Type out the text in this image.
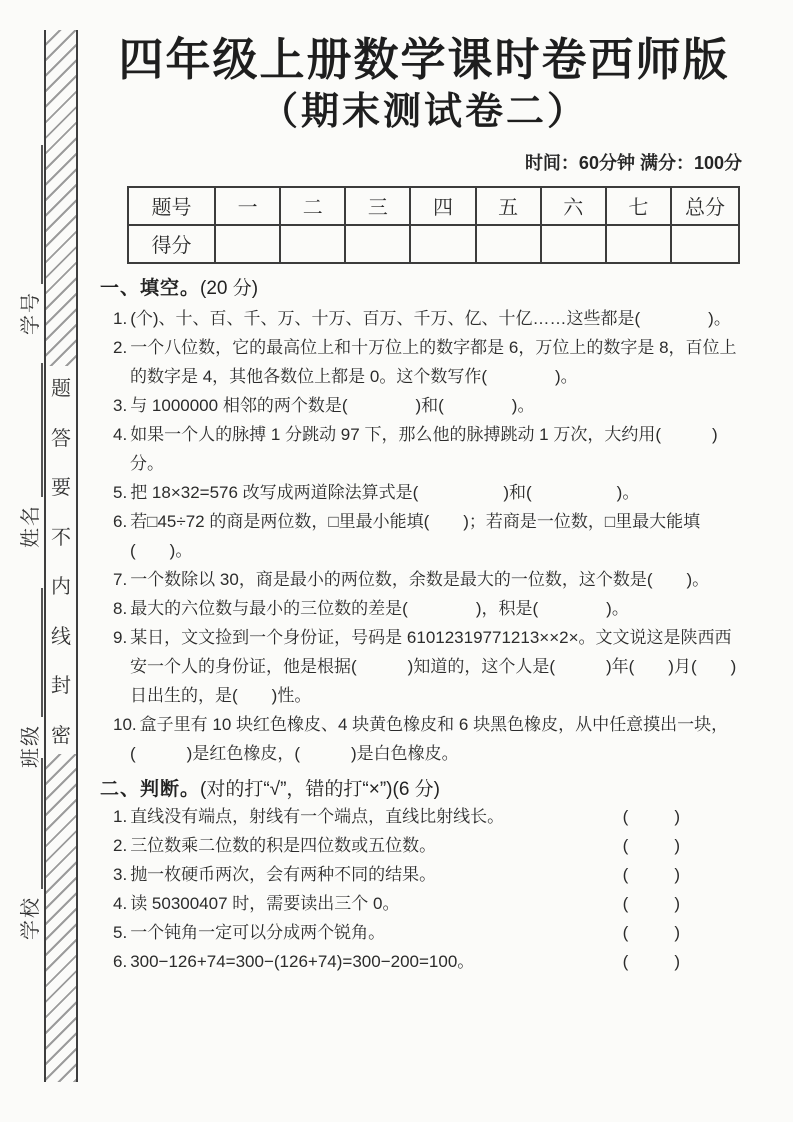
题
答
要
不
内
线
封
密
学号
姓名
班级
学校
四年级上册数学课时卷西师版
（期末测试卷二）
时间：60分钟 满分：100分
题号	一	二	三	四	五	六	七	总分
得分								
一、填空。(20 分)
1. (个)、十、百、千、万、十万、百万、千万、亿、十亿……这些都是(　　　　)。
2. 一个八位数，它的最高位上和十万位上的数字都是 6，万位上的数字是 8，百位上的数字是 4，其他各数位上都是 0。这个数写作(　　　　)。
3. 与 1000000 相邻的两个数是(　　　　)和(　　　　)。
4. 如果一个人的脉搏 1 分跳动 97 下，那么他的脉搏跳动 1 万次，大约用(　　　)分。
5. 把 18×32=576 改写成两道除法算式是(　　　　　)和(　　　　　)。
6. 若□45÷72 的商是两位数，□里最小能填(　　)；若商是一位数，□里最大能填(　　)。
7. 一个数除以 30，商是最小的两位数，余数是最大的一位数，这个数是(　　)。
8. 最大的六位数与最小的三位数的差是(　　　　)，积是(　　　　)。
9. 某日，文文捡到一个身份证，号码是 61012319771213××2×。文文说这是陕西西安一个人的身份证，他是根据(　　　)知道的，这个人是(　　　)年(　　)月(　　)日出生的，是(　　)性。
10. 盒子里有 10 块红色橡皮、4 块黄色橡皮和 6 块黑色橡皮，从中任意摸出一块，(　　　)是红色橡皮，(　　　)是白色橡皮。
二、判断。(对的打“√”，错的打“×”)(6 分)
1. 直线没有端点，射线有一个端点，直线比射线长。	(　　)
2. 三位数乘二位数的积是四位数或五位数。	(　　)
3. 抛一枚硬币两次，会有两种不同的结果。	(　　)
4. 读 50300407 时，需要读出三个 0。	(　　)
5. 一个钝角一定可以分成两个锐角。	(　　)
6. 300−126+74=300−(126+74)=300−200=100。	(　　)
